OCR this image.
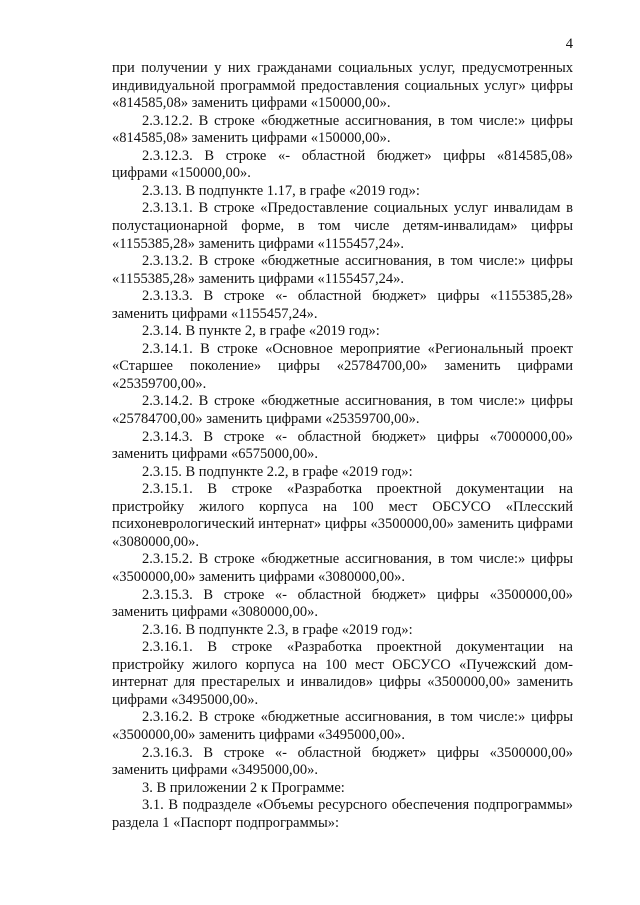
4
при получении у них гражданами социальных услуг, предусмотренных
индивидуальной программой предоставления социальных услуг» цифры
«814585,08» заменить цифрами «150000,00».
2.3.12.2. В строке «бюджетные ассигнования, в том числе:» цифры
«814585,08» заменить цифрами «150000,00».
2.3.12.3. В строке «- областной бюджет» цифры «814585,08»
цифрами «150000,00».
2.3.13. В подпункте 1.17, в графе «2019 год»:
2.3.13.1. В строке «Предоставление социальных услуг инвалидам в
полустационарной форме, в том числе детям-инвалидам» цифры
«1155385,28» заменить цифрами «1155457,24».
2.3.13.2. В строке «бюджетные ассигнования, в том числе:» цифры
«1155385,28» заменить цифрами «1155457,24».
2.3.13.3. В строке «- областной бюджет» цифры «1155385,28»
заменить цифрами «1155457,24».
2.3.14. В пункте 2, в графе «2019 год»:
2.3.14.1. В строке «Основное мероприятие «Региональный проект
«Старшее поколение» цифры «25784700,00» заменить цифрами
«25359700,00».
2.3.14.2. В строке «бюджетные ассигнования, в том числе:» цифры
«25784700,00» заменить цифрами «25359700,00».
2.3.14.3. В строке «- областной бюджет» цифры «7000000,00»
заменить цифрами «6575000,00».
2.3.15. В подпункте 2.2, в графе «2019 год»:
2.3.15.1. В строке «Разработка проектной документации на
пристройку жилого корпуса на 100 мест ОБСУСО «Плесский
психоневрологический интернат» цифры «3500000,00» заменить цифрами
«3080000,00».
2.3.15.2. В строке «бюджетные ассигнования, в том числе:» цифры
«3500000,00» заменить цифрами «3080000,00».
2.3.15.3. В строке «- областной бюджет» цифры «3500000,00»
заменить цифрами «3080000,00».
2.3.16. В подпункте 2.3, в графе «2019 год»:
2.3.16.1. В строке «Разработка проектной документации на
пристройку жилого корпуса на 100 мест ОБСУСО «Пучежский дом-
интернат для престарелых и инвалидов» цифры «3500000,00» заменить
цифрами «3495000,00».
2.3.16.2. В строке «бюджетные ассигнования, в том числе:» цифры
«3500000,00» заменить цифрами «3495000,00».
2.3.16.3. В строке «- областной бюджет» цифры «3500000,00»
заменить цифрами «3495000,00».
3. В приложении 2 к Программе:
3.1. В подразделе «Объемы ресурсного обеспечения подпрограммы»
раздела 1 «Паспорт подпрограммы»:
